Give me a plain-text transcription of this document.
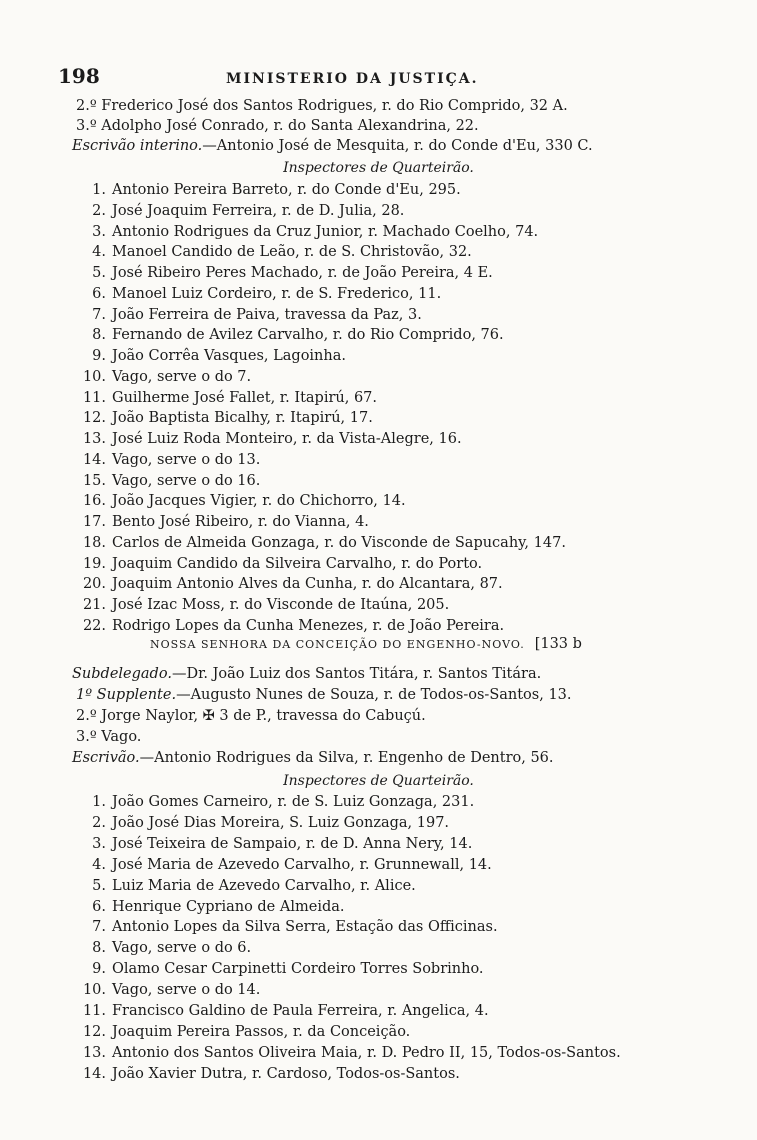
198	MINISTERIO DA JUSTIÇA.
2.º Frederico José dos Santos Rodrigues, r. do Rio Comprido, 32 A.
3.º Adolpho José Conrado, r. do Santa Alexandrina, 22.
Escrivão interino.—Antonio José de Mesquita, r. do Conde d'Eu, 330 C.
Inspectores de Quarteirão.
1. Antonio Pereira Barreto, r. do Conde d'Eu, 295.
2. José Joaquim Ferreira, r. de D. Julia, 28.
3. Antonio Rodrigues da Cruz Junior, r. Machado Coelho, 74.
4. Manoel Candido de Leão, r. de S. Christovão, 32.
5. José Ribeiro Peres Machado, r. de João Pereira, 4 E.
6. Manoel Luiz Cordeiro, r. de S. Frederico, 11.
7. João Ferreira de Paiva, travessa da Paz, 3.
8. Fernando de Avilez Carvalho, r. do Rio Comprido, 76.
9. João Corrêa Vasques, Lagoinha.
10. Vago, serve o do 7.
11. Guilherme José Fallet, r. Itapirú, 67.
12. João Baptista Bicalhy, r. Itapirú, 17.
13. José Luiz Roda Monteiro, r. da Vista-Alegre, 16.
14. Vago, serve o do 13.
15. Vago, serve o do 16.
16. João Jacques Vigier, r. do Chichorro, 14.
17. Bento José Ribeiro, r. do Vianna, 4.
18. Carlos de Almeida Gonzaga, r. do Visconde de Sapucahy, 147.
19. Joaquim Candido da Silveira Carvalho, r. do Porto.
20. Joaquim Antonio Alves da Cunha, r. do Alcantara, 87.
21. José Izac Moss, r. do Visconde de Itaúna, 205.
22. Rodrigo Lopes da Cunha Menezes, r. de João Pereira.
NOSSA SENHORA DA CONCEIÇÃO DO ENGENHO-NOVO. [133 b
Subdelegado.—Dr. João Luiz dos Santos Titára, r. Santos Titára.
1º Supplente.—Augusto Nunes de Souza, r. de Todos-os-Santos, 13.
2.º Jorge Naylor, ✠ 3 de P., travessa do Cabuçú.
3.º Vago.
Escrivão.—Antonio Rodrigues da Silva, r. Engenho de Dentro, 56.
Inspectores de Quarteirão.
1. João Gomes Carneiro, r. de S. Luiz Gonzaga, 231.
2. João José Dias Moreira, S. Luiz Gonzaga, 197.
3. José Teixeira de Sampaio, r. de D. Anna Nery, 14.
4. José Maria de Azevedo Carvalho, r. Grunnewall, 14.
5. Luiz Maria de Azevedo Carvalho, r. Alice.
6. Henrique Cypriano de Almeida.
7. Antonio Lopes da Silva Serra, Estação das Officinas.
8. Vago, serve o do 6.
9. Olamo Cesar Carpinetti Cordeiro Torres Sobrinho.
10. Vago, serve o do 14.
11. Francisco Galdino de Paula Ferreira, r. Angelica, 4.
12. Joaquim Pereira Passos, r. da Conceição.
13. Antonio dos Santos Oliveira Maia, r. D. Pedro II, 15, Todos-os-Santos.
14. João Xavier Dutra, r. Cardoso, Todos-os-Santos.
